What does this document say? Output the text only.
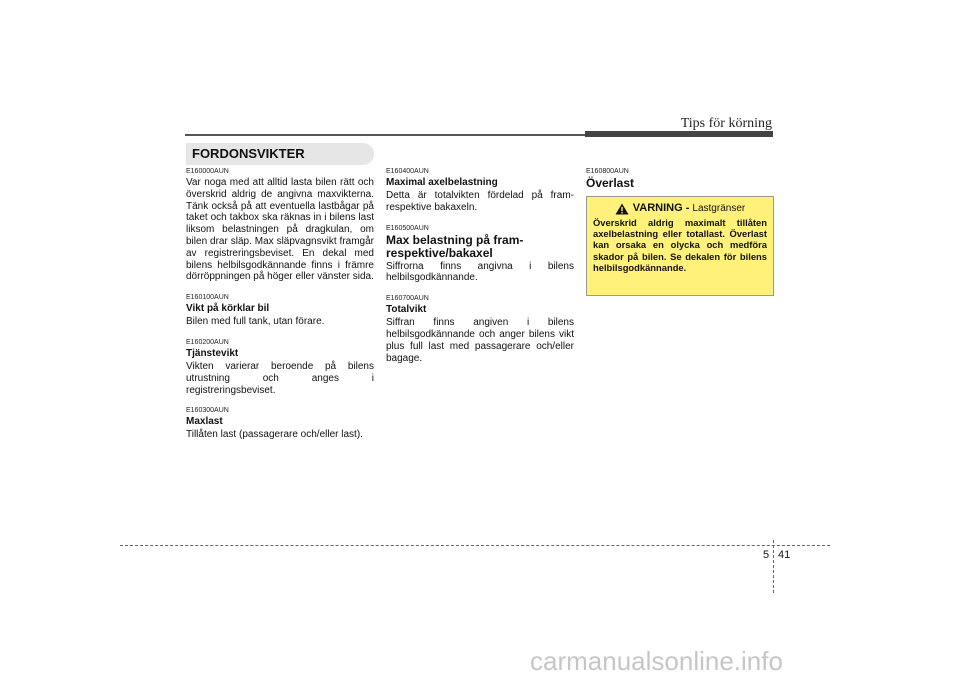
Tips för körning
FORDONSVIKTER
E160000AUN
Var noga med att alltid lasta bilen rätt och överskrid aldrig de angivna maxvikterna. Tänk också på att eventuella lastbågar på taket och takbox ska räknas in i bilens last liksom belastningen på dragkulan, om bilen drar släp. Max släpvagnsvikt framgår av registreringsbeviset. En dekal med bilens helbilsgodkännande finns i främre dörröppningen på höger eller vänster sida.
E160100AUN
Vikt på körklar bil
Bilen med full tank, utan förare.
E160200AUN
Tjänstevikt
Vikten varierar beroende på bilens utrustning och anges i registreringsbeviset.
E160300AUN
Maxlast
Tillåten last (passagerare och/eller last).
E160400AUN
Maximal axelbelastning
Detta är totalvikten fördelad på fram- respektive bakaxeln.
E160500AUN
Max belastning på fram- respektive/bakaxel
Siffrorna finns angivna i bilens helbilsgodkännande.
E160700AUN
Totalvikt
Siffran finns angiven i bilens helbilsgodkännande och anger bilens vikt plus full last med passagerare och/eller bagage.
E160800AUN
Överlast
VARNING - Lastgränser
Överskrid aldrig maximalt tillåten axelbelastning eller totallast. Överlast kan orsaka en olycka och medföra skador på bilen. Se dekalen för bilens helbilsgodkännande.
5 41
carmanualsonline.info
